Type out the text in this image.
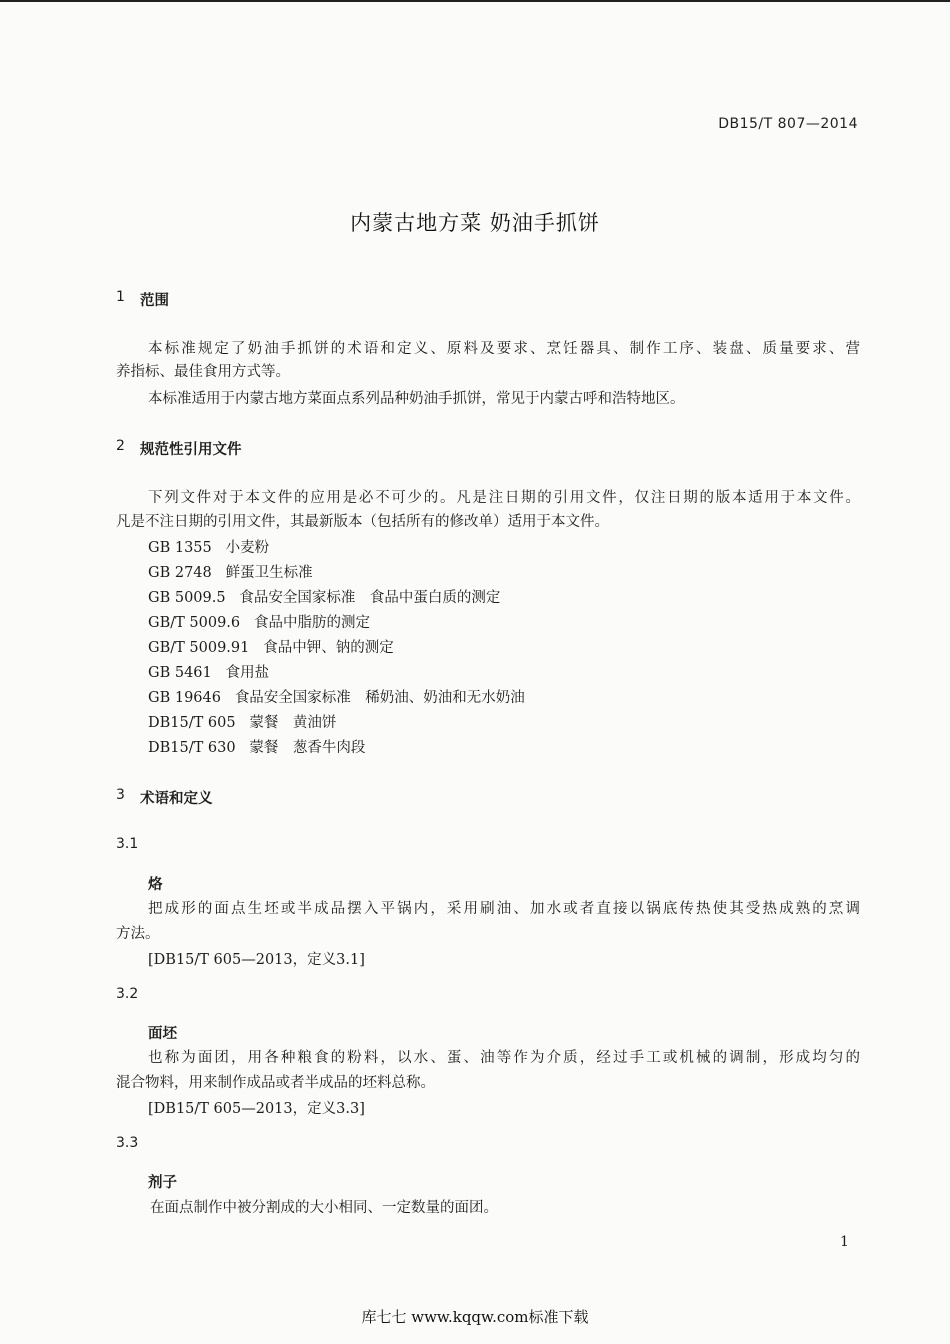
DB15/T 807—2014
内蒙古地方菜 奶油手抓饼
1 范围
本标准规定了奶油手抓饼的术语和定义、原料及要求、烹饪器具、制作工序、装盘、质量要求、营
养指标、最佳食用方式等。
本标准适用于内蒙古地方菜面点系列品种奶油手抓饼，常见于内蒙古呼和浩特地区。
2 规范性引用文件
下列文件对于本文件的应用是必不可少的。凡是注日期的引用文件，仅注日期的版本适用于本文件。
凡是不注日期的引用文件，其最新版本（包括所有的修改单）适用于本文件。
GB 1355 小麦粉
GB 2748 鲜蛋卫生标准
GB 5009.5 食品安全国家标准　食品中蛋白质的测定
GB/T 5009.6 食品中脂肪的测定
GB/T 5009.91 食品中钾、钠的测定
GB 5461 食用盐
GB 19646 食品安全国家标准　稀奶油、奶油和无水奶油
DB15/T 605 蒙餐　黄油饼
DB15/T 630 蒙餐　葱香牛肉段
3 术语和定义
3.1
烙
把成形的面点生坯或半成品摆入平锅内，采用刷油、加水或者直接以锅底传热使其受热成熟的烹调
方法。
[DB15/T 605—2013，定义3.1]
3.2
面坯
也称为面团，用各种粮食的粉料，以水、蛋、油等作为介质，经过手工或机械的调制，形成均匀的
混合物料，用来制作成品或者半成品的坯料总称。
[DB15/T 605—2013，定义3.3]
3.3
剂子
在面点制作中被分割成的大小相同、一定数量的面团。
1
库七七 www.kqqw.com标准下载
